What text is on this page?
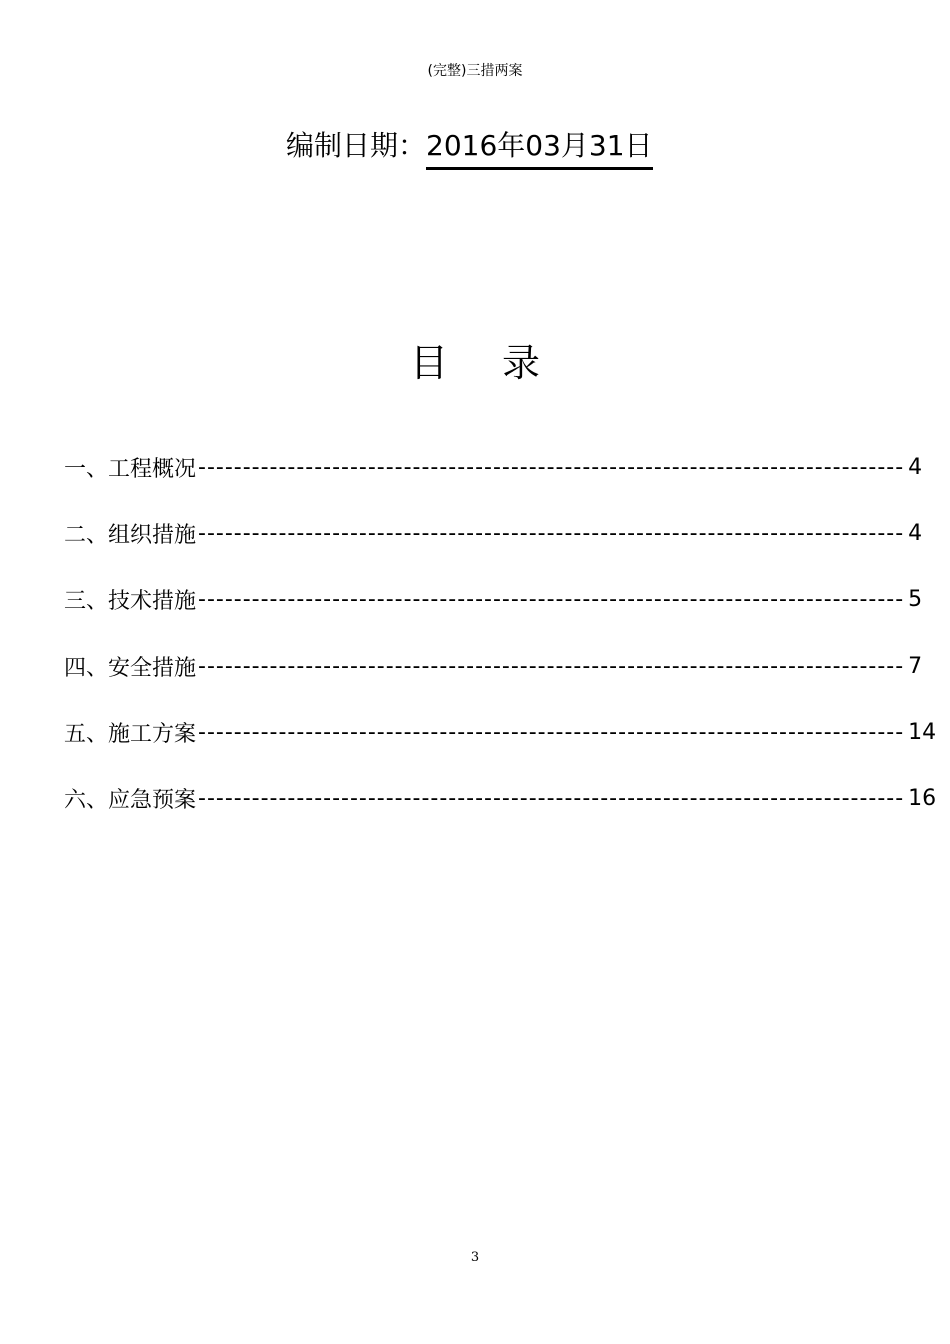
(完整)三措两案
编制日期：2016年03月31日
目录
一、工程概况 ------------------------------------------------------------------------------- 4
二、组织措施 ------------------------------------------------------------------------------- 4
三、技术措施 ------------------------------------------------------------------------------- 5
四、安全措施 ------------------------------------------------------------------------------- 7
五、施工方案 ------------------------------------------------------------------------------- 14
六、应急预案 ------------------------------------------------------------------------------- 16
3
